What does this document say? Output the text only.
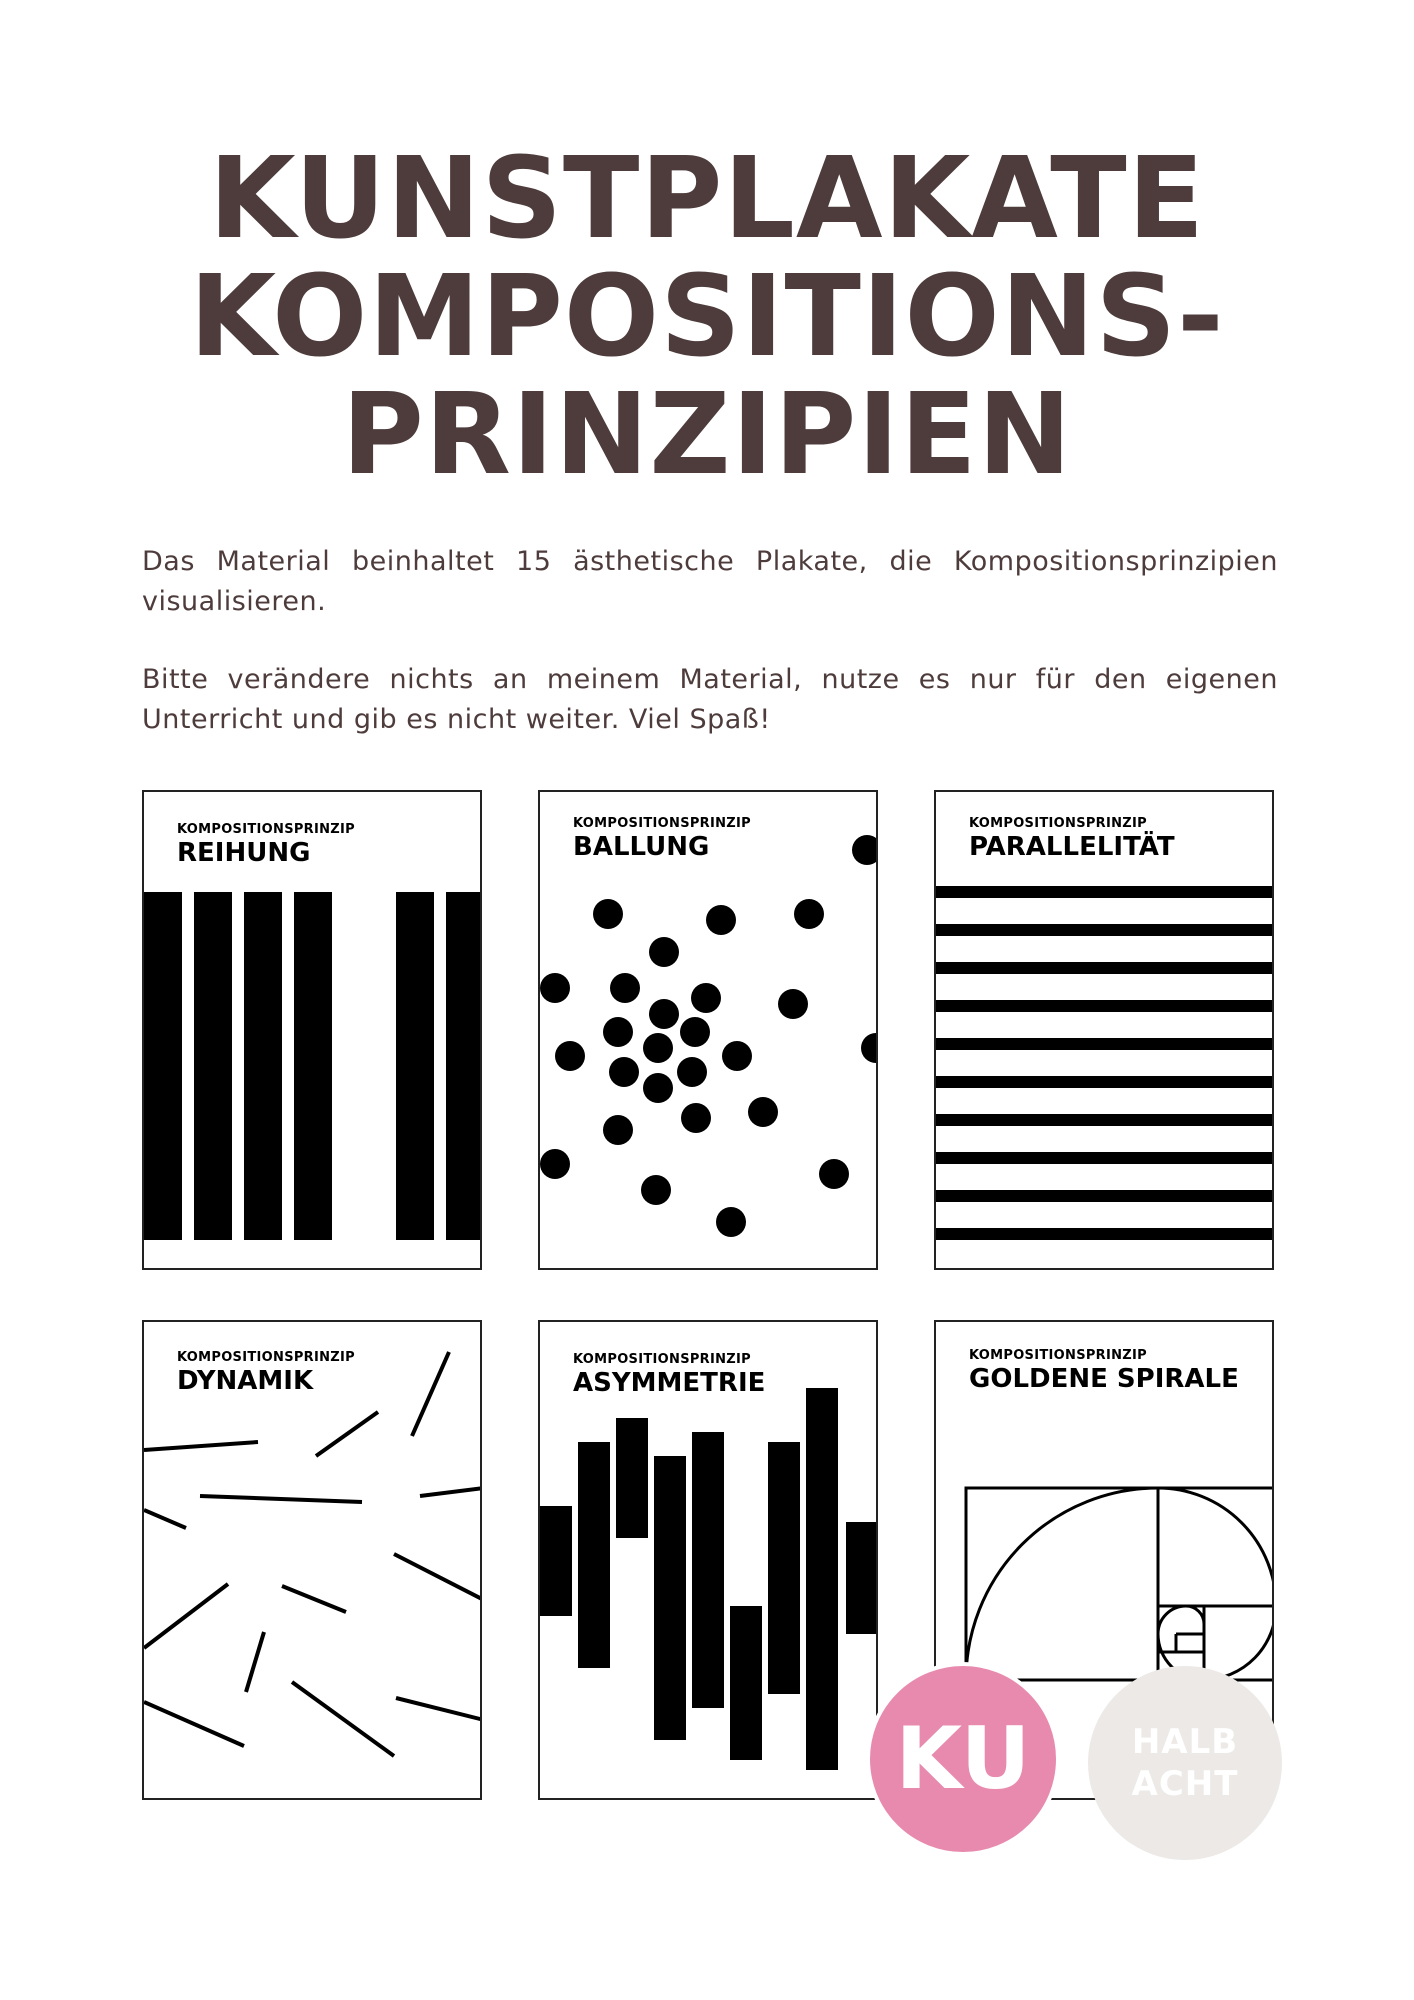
KUNSTPLAKATE
KOMPOSITIONS-
PRINZIPIEN
Das Material beinhaltet 15 ästhetische Plakate, die Kompositionsprinzipien visualisieren.
Bitte verändere nichts an meinem Material, nutze es nur für den eigenen Unterricht und gib es nicht weiter. Viel Spaß!
KOMPOSITIONSPRINZIP
REIHUNG
KOMPOSITIONSPRINZIP
BALLUNG
KOMPOSITIONSPRINZIP
PARALLELITÄT
KOMPOSITIONSPRINZIP
DYNAMIK
KOMPOSITIONSPRINZIP
ASYMMETRIE
KOMPOSITIONSPRINZIP
GOLDENE SPIRALE
KU	HALB
ACHT
